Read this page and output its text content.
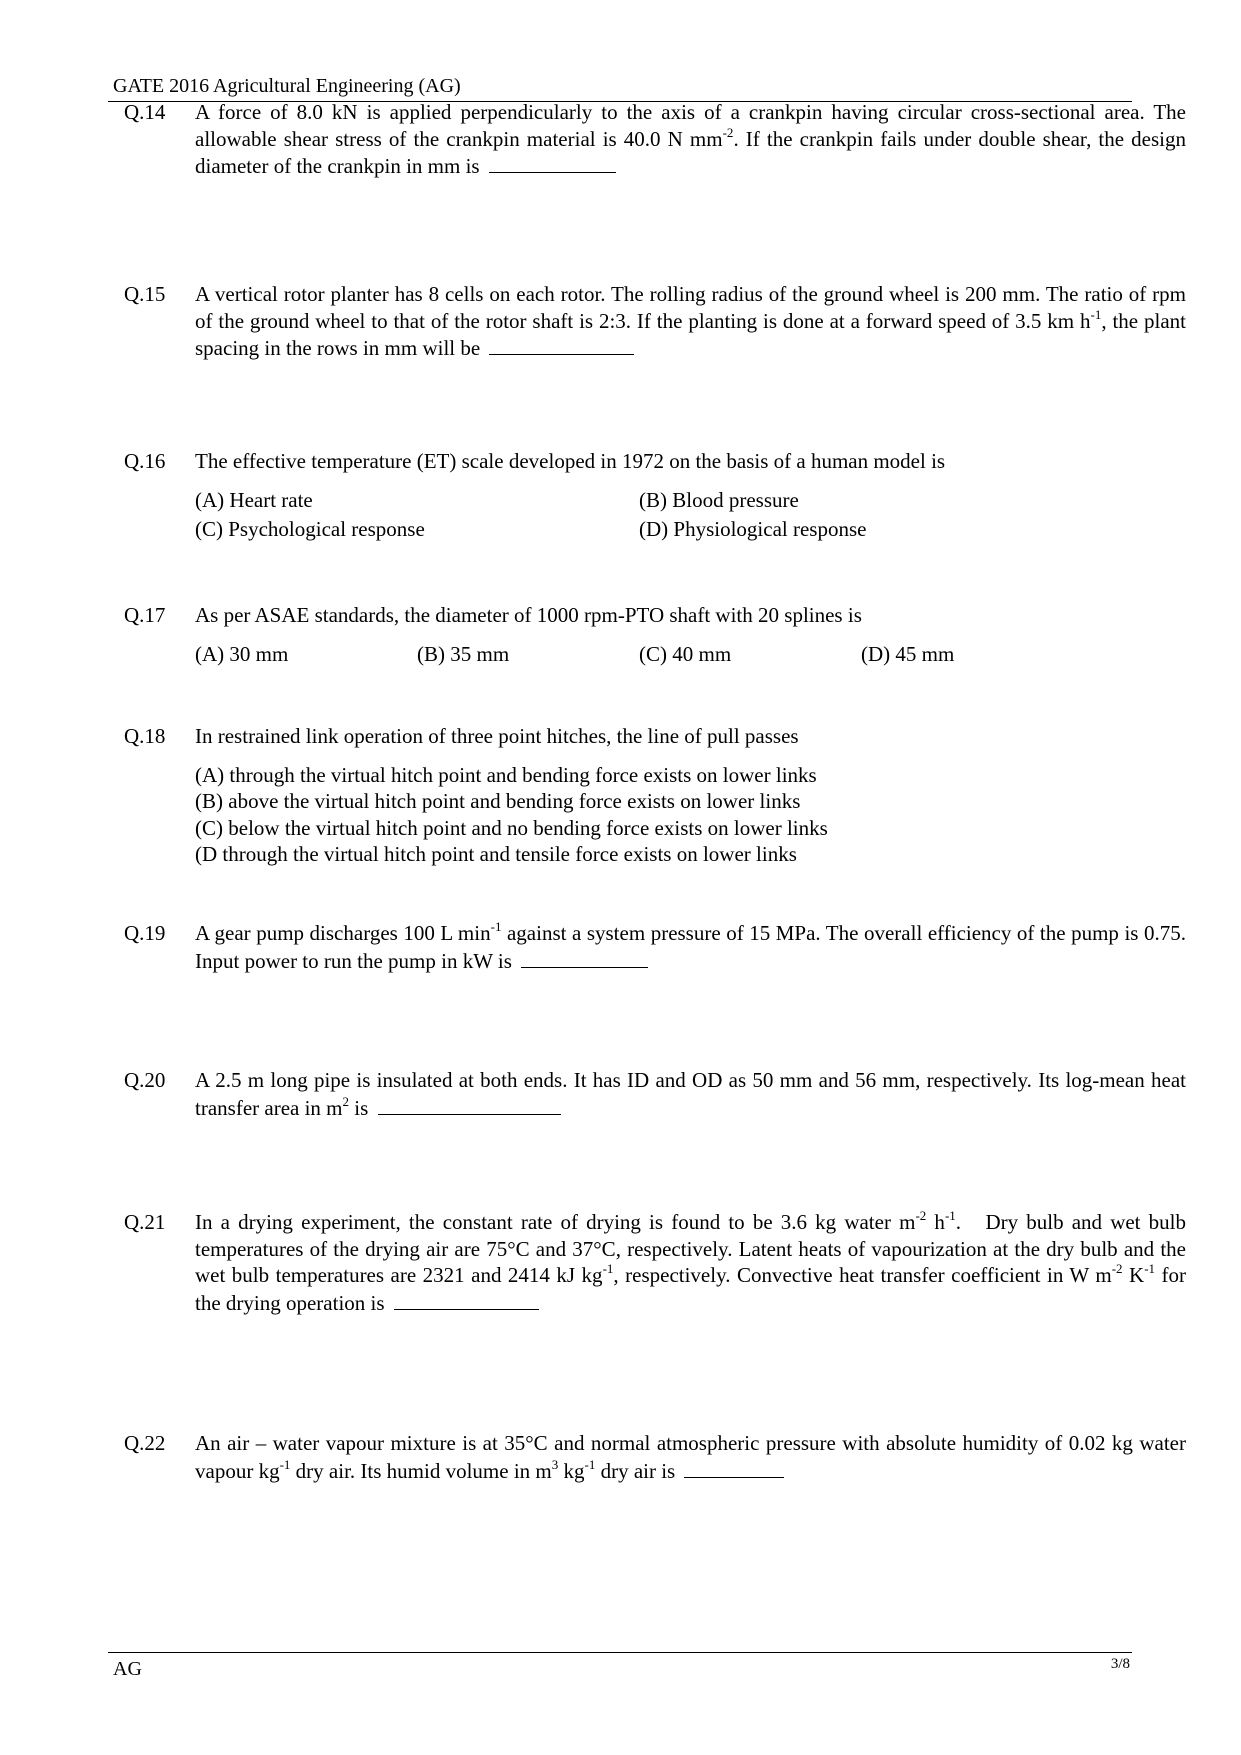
GATE 2016 Agricultural Engineering (AG)
Q.14 A force of 8.0 kN is applied perpendicularly to the axis of a crankpin having circular cross-sectional area. The allowable shear stress of the crankpin material is 40.0 N $mm^{-2}$. If the crankpin fails under double shear, the design diameter of the crankpin in mm is

Q.15 A vertical rotor planter has 8 cells on each rotor. The rolling radius of the ground wheel is 200 mm. The ratio of rpm of the ground wheel to that of the rotor shaft is 2:3. If the planting is done at a forward speed of 3.5 km $h^{-1}$, the plant spacing in the rows in mm will be

Q.16 The effective temperature (ET) scale developed in 1972 on the basis of a human model is

(A) Heart rate	(B) Blood pressure
(C) Psychological response	(D) Physiological response
Q.17 As per ASAE standards, the diameter of 1000 rpm-PTO shaft with 20 splines is

(A) 30 mm	(B) 35 mm	(C) 40 mm	(D) 45 mm
Q.18 In restrained link operation of three point hitches, the line of pull passes

(A) through the virtual hitch point and bending force exists on lower links
(B) above the virtual hitch point and bending force exists on lower links
(C) below the virtual hitch point and no bending force exists on lower links
(D through the virtual hitch point and tensile force exists on lower links
Q.19 A gear pump discharges 100 L $\min^{-1}$ against a system pressure of 15 MPa. The overall efficiency of the pump is 0.75. Input power to run the pump in kW is

Q.20 A 2.5 m long pipe is insulated at both ends. It has ID and OD as 50 mm and 56 mm, respectively. Its log-mean heat transfer area in $m^2$ is

Q.21 In a drying experiment, the constant rate of drying is found to be 3.6 kg water $m^{-2}$ $h^{-1}$.   Dry bulb and wet bulb temperatures of the drying air are 75°C and 37°C, respectively. Latent heats of vapourization at the dry bulb and the wet bulb temperatures are 2321 and 2414 kJ $kg^{-1}$, respectively. Convective heat transfer coefficient in W $m^{-2}$ $K^{-1}$ for the drying operation is

Q.22 An air – water vapour mixture is at 35°C and normal atmospheric pressure with absolute humidity of 0.02 kg water vapour $kg^{-1}$ dry air. Its humid volume in $m^3$ $kg^{-1}$ dry air is

AG	3/8
